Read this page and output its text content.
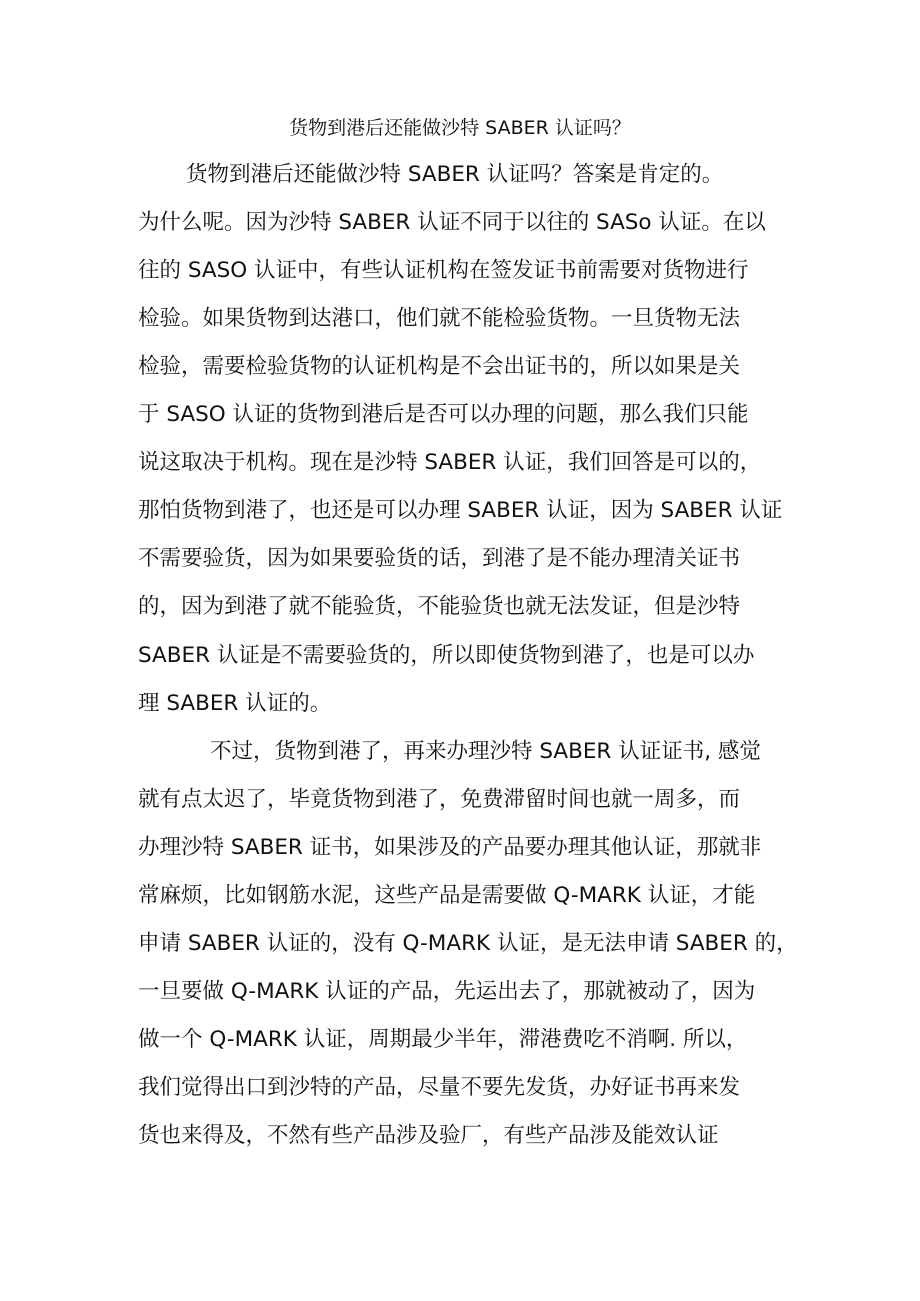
货物到港后还能做沙特 SABER 认证吗？
货物到港后还能做沙特 SABER 认证吗？答案是肯定的。
为什么呢。因为沙特 SABER 认证不同于以往的 SASo 认证。在以
往的 SASO 认证中，有些认证机构在签发证书前需要对货物进行
检验。如果货物到达港口，他们就不能检验货物。一旦货物无法
检验，需要检验货物的认证机构是不会出证书的，所以如果是关
于 SASO 认证的货物到港后是否可以办理的问题，那么我们只能
说这取决于机构。现在是沙特 SABER 认证，我们回答是可以的，
那怕货物到港了，也还是可以办理 SABER 认证，因为 SABER 认证
不需要验货，因为如果要验货的话，到港了是不能办理清关证书
的，因为到港了就不能验货，不能验货也就无法发证，但是沙特
SABER 认证是不需要验货的，所以即使货物到港了，也是可以办
理 SABER 认证的。
不过，货物到港了，再来办理沙特 SABER 认证证书, 感觉
就有点太迟了，毕竟货物到港了，免费滞留时间也就一周多，而
办理沙特 SABER 证书，如果涉及的产品要办理其他认证，那就非
常麻烦，比如钢筋水泥，这些产品是需要做 Q-MARK 认证，才能
申请 SABER 认证的，没有 Q-MARK 认证，是无法申请 SABER 的，
一旦要做 Q-MARK 认证的产品，先运出去了，那就被动了，因为
做一个 Q-MARK 认证，周期最少半年，滞港费吃不消啊. 所以，
我们觉得出口到沙特的产品，尽量不要先发货，办好证书再来发
货也来得及，不然有些产品涉及验厂，有些产品涉及能效认证
